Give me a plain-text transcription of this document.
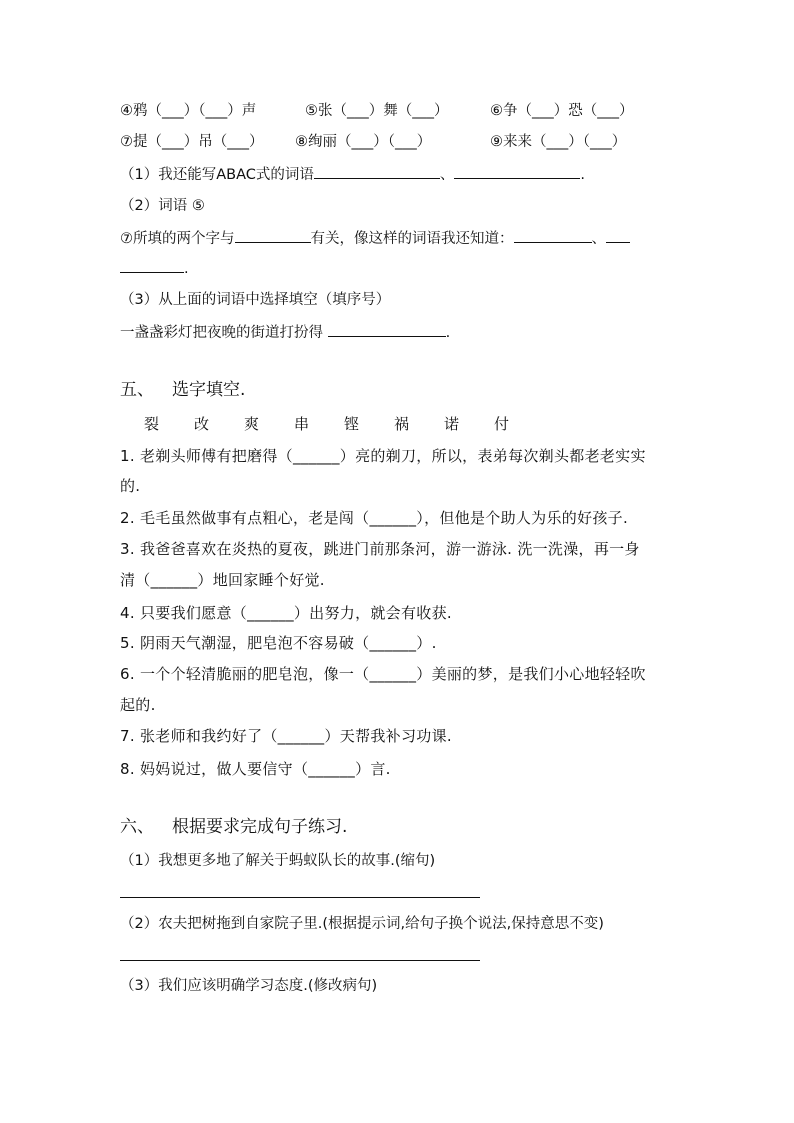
④鸦（___）（___）声	⑤张（___）舞（___）	⑥争（___）恐（___）
⑦提（___）吊（___） ⑧绚丽（___）（___）	⑨来来（___）（___）
（1）我还能写ABAC式的词语	、	.
（2）词语 ⑤
⑦所填的两个字与	有关，像这样的词语我还知道：	、
.
（3）从上面的词语中选择填空（填序号）
一盏盏彩灯把夜晚的街道打扮得	.
五、 选字填空.
裂 改 爽 串 铿 祸 诺 付
1. 老剃头师傅有把磨得（______）亮的剃刀，所以，表弟每次剃头都老老实实
的.
2. 毛毛虽然做事有点粗心，老是闯（______），但他是个助人为乐的好孩子.
3. 我爸爸喜欢在炎热的夏夜，跳进门前那条河，游一游泳. 洗一洗澡，再一身
清（______）地回家睡个好觉.
4. 只要我们愿意（______）出努力，就会有收获.
5. 阴雨天气潮湿，肥皂泡不容易破（______）.
6. 一个个轻清脆丽的肥皂泡，像一（______）美丽的梦，是我们小心地轻轻吹
起的.
7. 张老师和我约好了（______）天帮我补习功课.
8. 妈妈说过，做人要信守（______）言.
六、 根据要求完成句子练习.
（1）我想更多地了解关于蚂蚁队长的故事.(缩句)
（2）农夫把树拖到自家院子里.(根据提示词,给句子换个说法,保持意思不变)
（3）我们应该明确学习态度.(修改病句)
